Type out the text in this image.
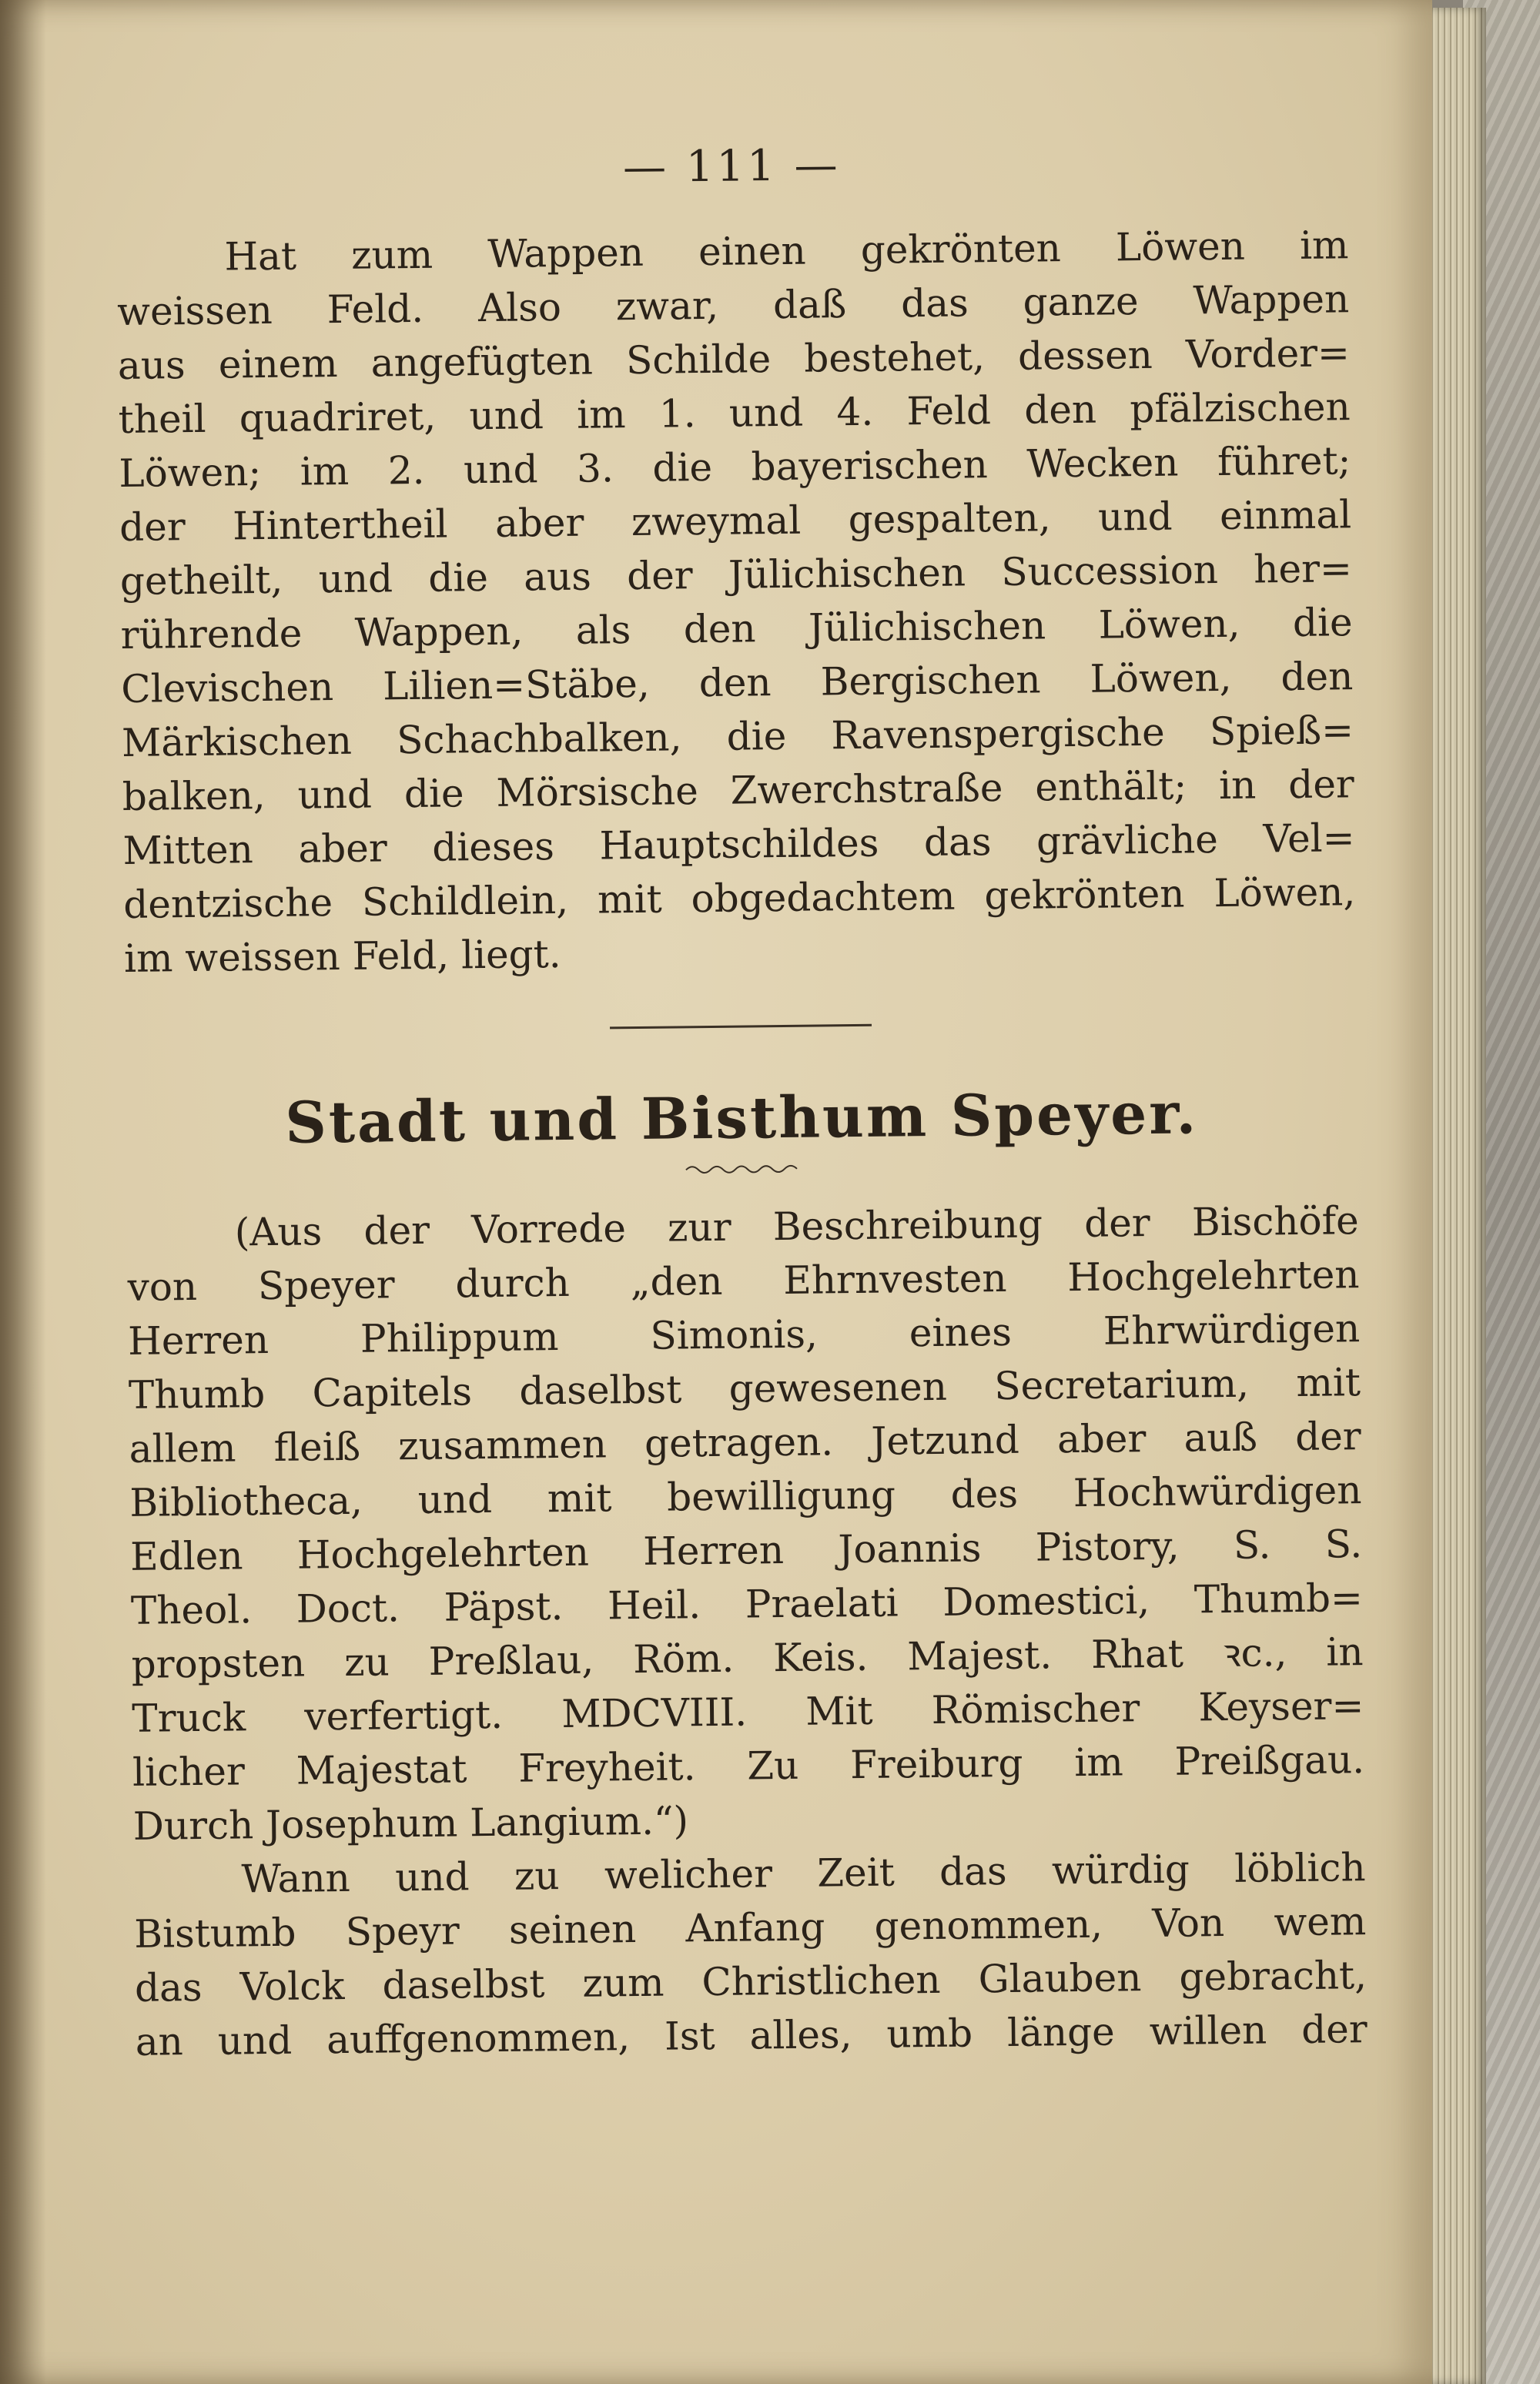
— 111 —
Hat zum Wappen einen gekrönten Löwen im
weissen Feld. Also zwar, daß das ganze Wappen
aus einem angefügten Schilde bestehet, dessen Vorder=
theil quadriret, und im 1. und 4. Feld den pfälzischen
Löwen; im 2. und 3. die bayerischen Wecken führet;
der Hintertheil aber zweymal gespalten, und einmal
getheilt, und die aus der Jülichischen Succession her=
rührende Wappen, als den Jülichischen Löwen, die
Clevischen Lilien=Stäbe, den Bergischen Löwen, den
Märkischen Schachbalken, die Ravenspergische Spieß=
balken, und die Mörsische Zwerchstraße enthält; in der
Mitten aber dieses Hauptschildes das grävliche Vel=
dentzische Schildlein, mit obgedachtem gekrönten Löwen,
im weissen Feld, liegt.
Stadt und Bisthum Speyer.
(Aus der Vorrede zur Beschreibung der Bischöfe
von Speyer durch „den Ehrnvesten Hochgelehrten
Herren Philippum Simonis, eines Ehrwürdigen
Thumb Capitels daselbst gewesenen Secretarium, mit
allem fleiß zusammen getragen. Jetzund aber auß der
Bibliotheca, und mit bewilligung des Hochwürdigen
Edlen Hochgelehrten Herren Joannis Pistory, S. S.
Theol. Doct. Päpst. Heil. Praelati Domestici, Thumb=
propsten zu Preßlau, Röm. Keis. Majest. Rhat ꝛc., in
Truck verfertigt. MDCVIII. Mit Römischer Keyser=
licher Majestat Freyheit. Zu Freiburg im Preißgau.
Durch Josephum Langium.“)
Wann und zu welicher Zeit das würdig löblich
Bistumb Speyr seinen Anfang genommen, Von wem
das Volck daselbst zum Christlichen Glauben gebracht,
an und auffgenommen, Ist alles, umb länge willen der
